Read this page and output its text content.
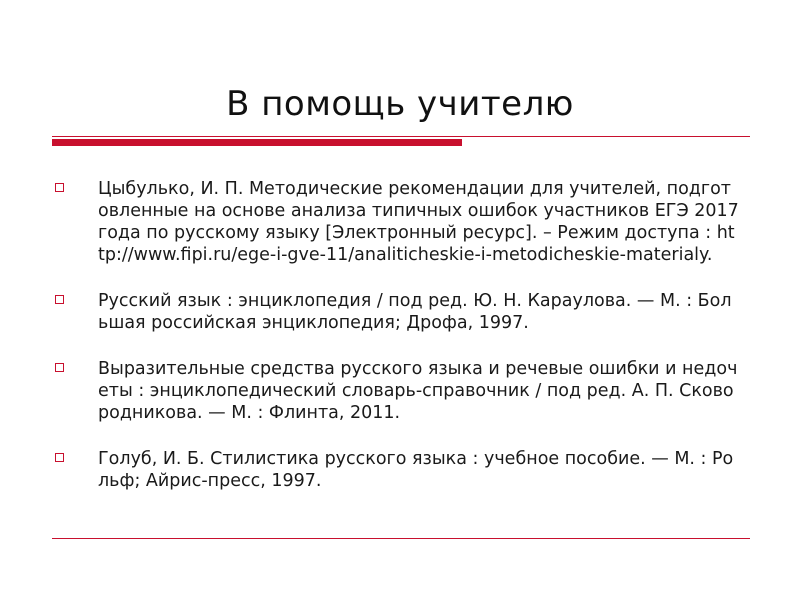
В помощь учителю
Цыбулько, И. П. Методические рекомендации для учителей, подготовленные на основе анализа типичных ошибок участников ЕГЭ 2017 года по русскому языку [Электронный ресурс]. – Режим доступа : http://www.fipi.ru/ege-i-gve-11/analiticheskie-i-metodicheskie-materialy.
Русский язык : энциклопедия / под ред. Ю. Н. Караулова. — М. : Большая российская энциклопедия; Дрофа, 1997.
Выразительные средства русского языка и речевые ошибки и недочеты : энциклопедический словарь-справочник / под ред. А. П. Сковородникова. — М. : Флинта, 2011.
Голуб, И. Б. Стилистика русского языка : учебное пособие. — М. : Рольф; Айрис-пресс, 1997.
